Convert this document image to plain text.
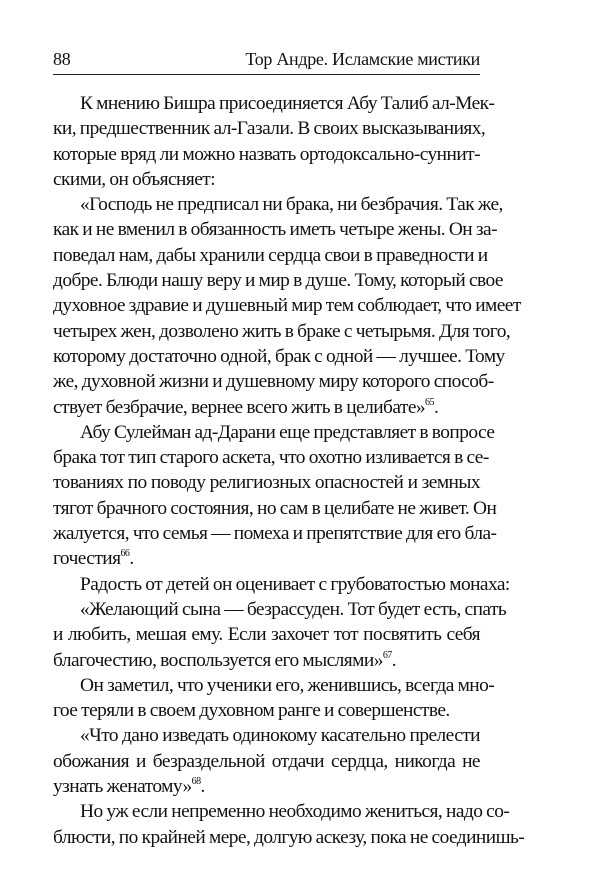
88	Тор Андре. Исламские мистики
К мнению Бишра присоединяется Абу Талиб ал-Мек-
ки, предшественник ал-Газали. В своих высказываниях,
которые вряд ли можно назвать ортодоксально-суннит-
скими, он объясняет:
«Господь не предписал ни брака, ни безбрачия. Так же,
как и не вменил в обязанность иметь четыре жены. Он за-
поведал нам, дабы хранили сердца свои в праведности и
добре. Блюди нашу веру и мир в душе. Тому, который свое
духовное здравие и душевный мир тем соблюдает, что имеет
четырех жен, дозволено жить в браке с четырьмя. Для того,
которому достаточно одной, брак с одной — лучшее. Тому
же, духовной жизни и душевному миру которого способ-
ствует безбрачие, вернее всего жить в целибате»$^{65}$.
Абу Сулейман ад-Дарани еще представляет в вопросе
брака тот тип старого аскета, что охотно изливается в се-
тованиях по поводу религиозных опасностей и земных
тягот брачного состояния, но сам в целибате не живет. Он
жалуется, что семья — помеха и препятствие для его бла-
гочестия$^{66}$.
Радость от детей он оценивает с грубоватостью монаха:
«Желающий сына — безрассуден. Тот будет есть, спать
и любить, мешая ему. Если захочет тот посвятить себя
благочестию, воспользуется его мыслями»$^{67}$.
Он заметил, что ученики его, женившись, всегда мно-
гое теряли в своем духовном ранге и совершенстве.
«Что дано изведать одинокому касательно прелести
обожания и безраздельной отдачи сердца, никогда не
узнать женатому»$^{68}$.
Но уж если непременно необходимо жениться, надо со-
блюсти, по крайней мере, долгую аскезу, пока не соединишь-
